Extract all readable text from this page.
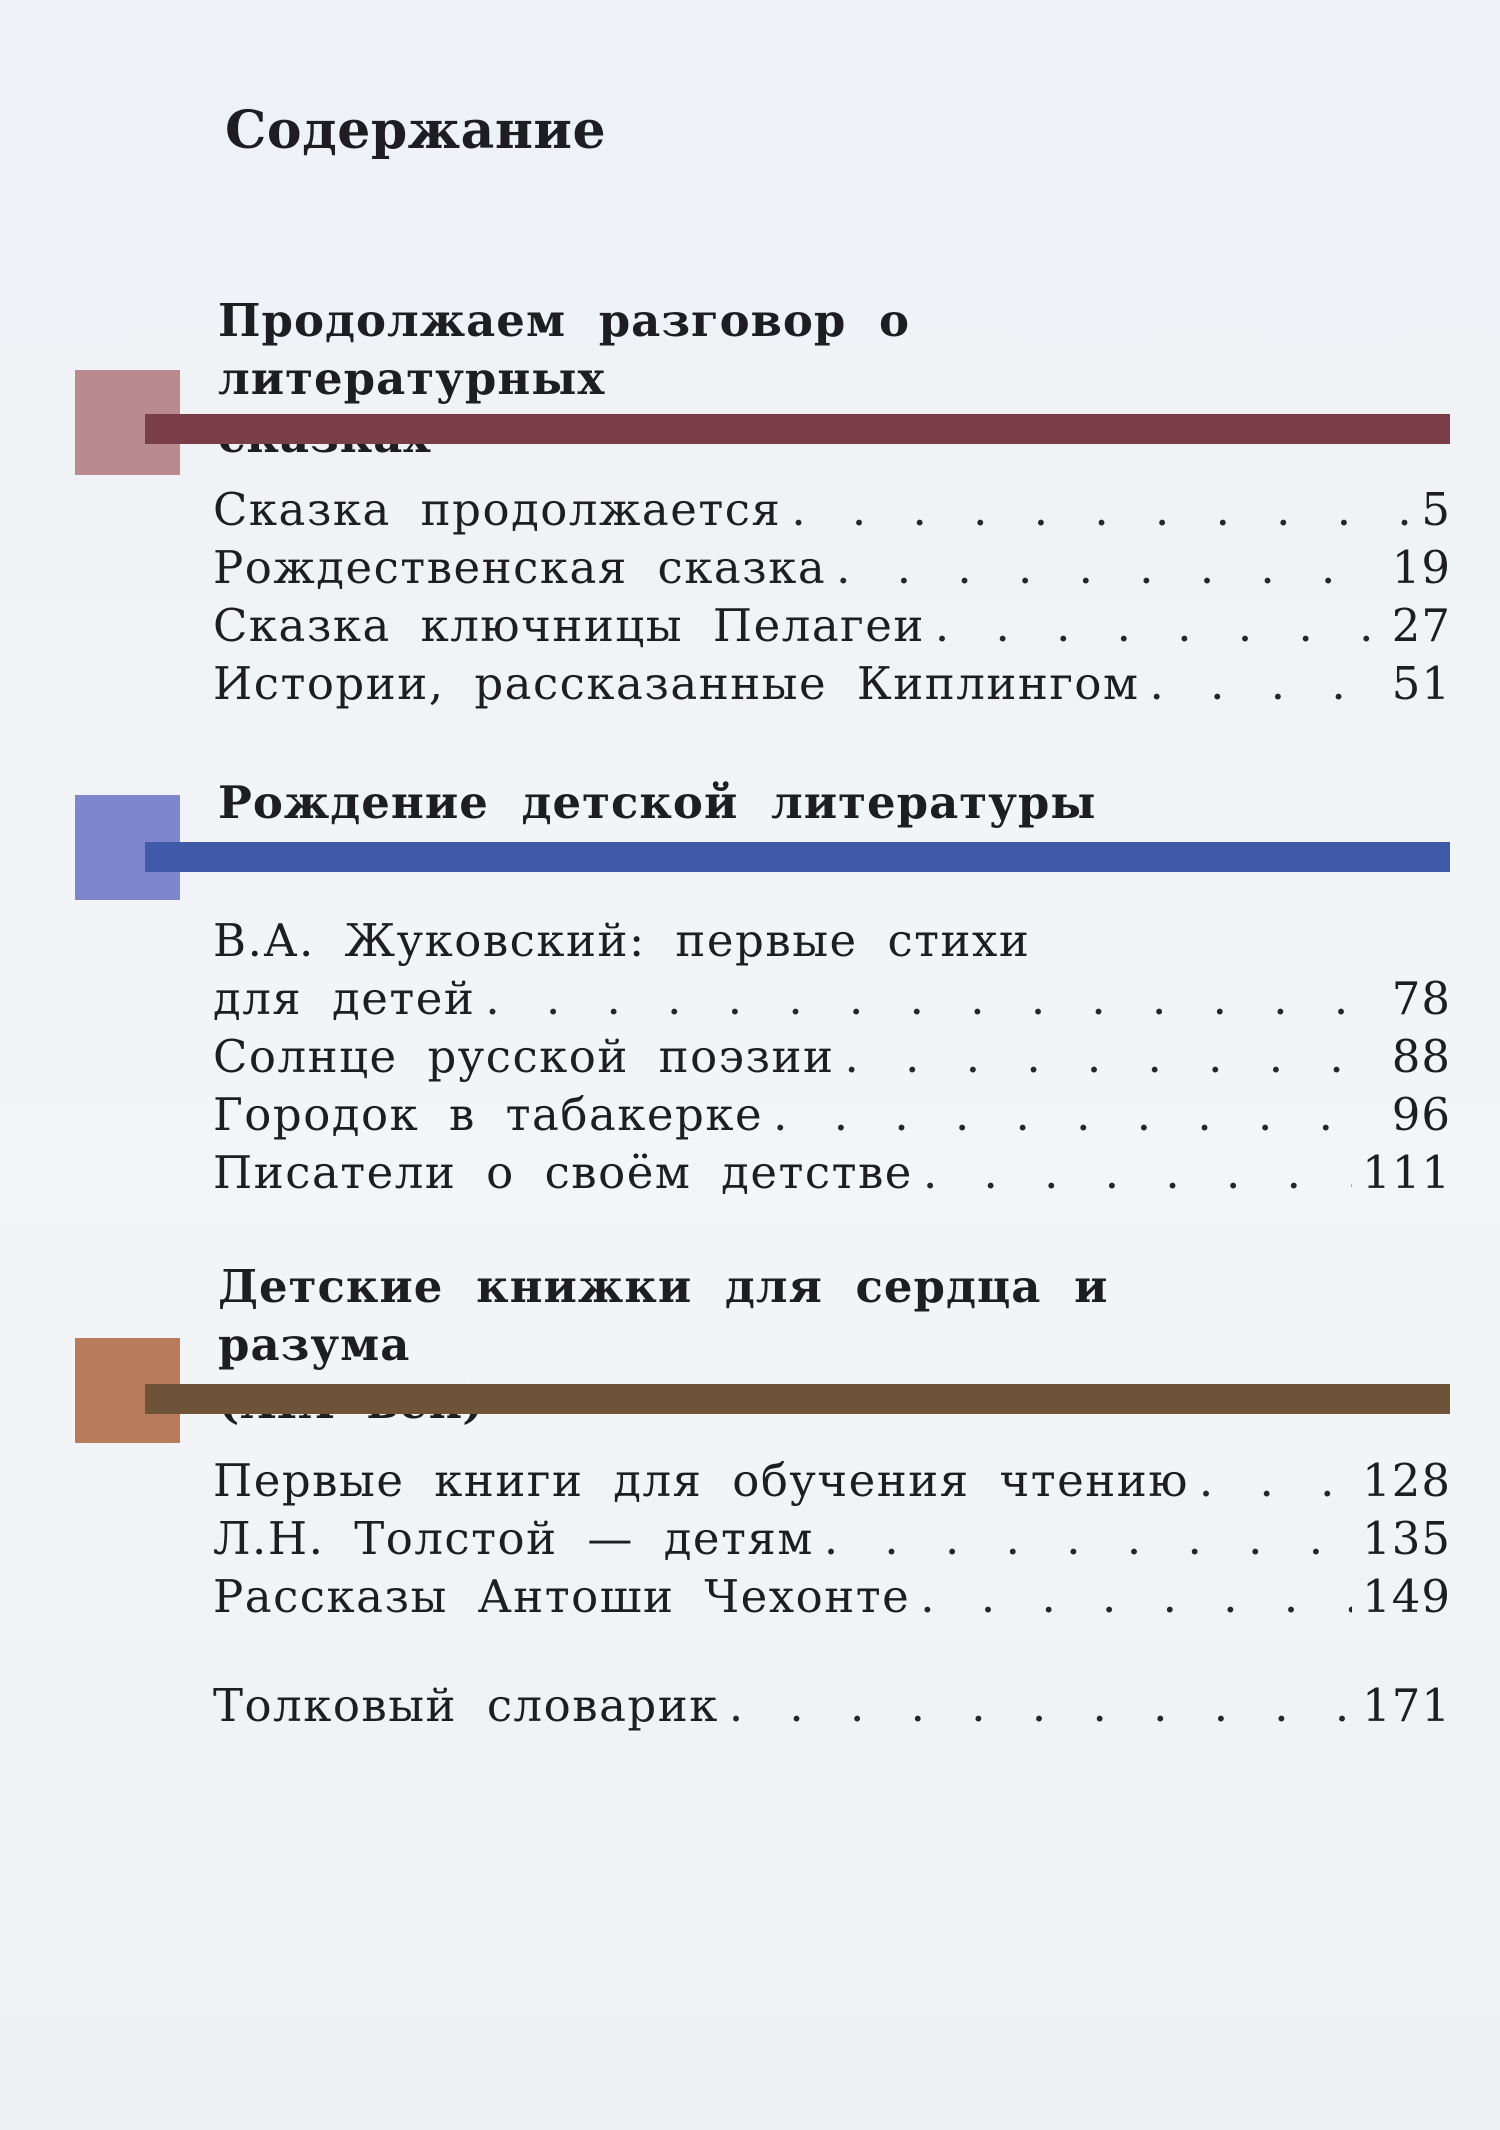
Содержание
Продолжаем разговор о литературных
Сказка продолжается . . .	5
Рождественская сказка . . .	19
Сказка ключницы Пелагеи . . .	27
Истории, рассказанные Киплингом . . .	51
Рождение детской литературы
В.А. Жуковский: первые стихи
для детей . . .	78
Солнце русской поэзии . . .	88
Городок в табакерке . . .	96
Писатели о своём детстве . . .	111
Детские книжки для сердца и разума
Первые книги для обучения чтению . . .	128
Л.Н. Толстой — детям . . .	135
Рассказы Антоши Чехонте . . .	149
Толковый словарик . . .	171
